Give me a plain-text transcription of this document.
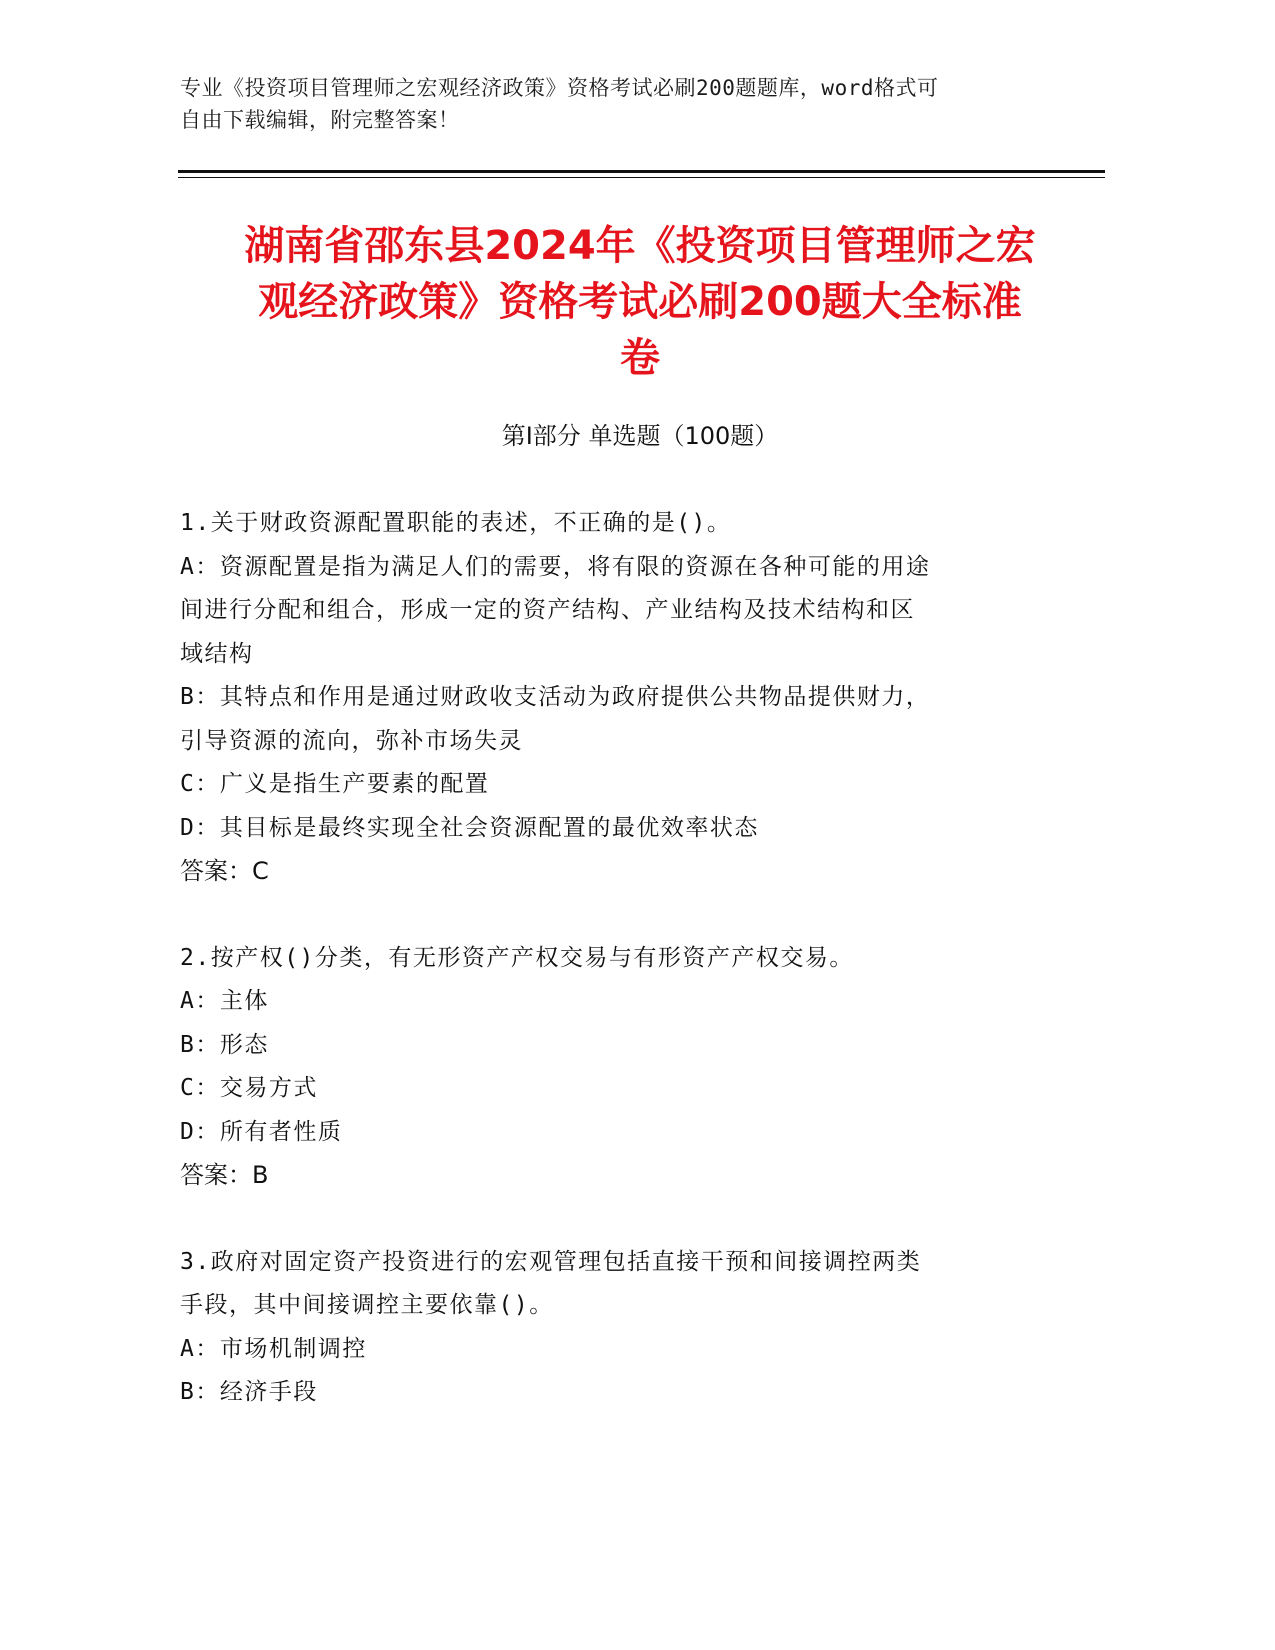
专业《投资项目管理师之宏观经济政策》资格考试必刷200题题库，word格式可
自由下载编辑，附完整答案！
湖南省邵东县2024年《投资项目管理师之宏
观经济政策》资格考试必刷200题大全标准
卷
第Ⅰ部分 单选题（100题）
1.关于财政资源配置职能的表述，不正确的是()。
A：资源配置是指为满足人们的需要，将有限的资源在各种可能的用途
间进行分配和组合，形成一定的资产结构、产业结构及技术结构和区
域结构
B：其特点和作用是通过财政收支活动为政府提供公共物品提供财力，
引导资源的流向，弥补市场失灵
C：广义是指生产要素的配置
D：其目标是最终实现全社会资源配置的最优效率状态
答案：C
2.按产权()分类，有无形资产产权交易与有形资产产权交易。
A：主体
B：形态
C：交易方式
D：所有者性质
答案：B
3.政府对固定资产投资进行的宏观管理包括直接干预和间接调控两类
手段，其中间接调控主要依靠()。
A：市场机制调控
B：经济手段
